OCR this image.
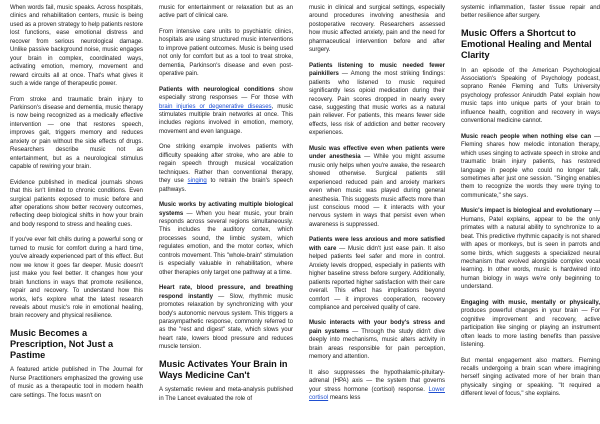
When words fail, music speaks. Across hospitals, clinics and rehabilitation centers, music is being used as a proven strategy to help patients restore lost functions, ease emotional distress and recover from serious neurological damage. Unlike passive background noise, music engages your brain in complex, coordinated ways, activating emotion, memory, movement and reward circuits all at once. That's what gives it such a wide range of therapeutic power.

From stroke and traumatic brain injury to Parkinson's disease and dementia, music therapy is now being recognized as a medically effective intervention — one that restores speech, improves gait, triggers memory and reduces anxiety or pain without the side effects of drugs. Researchers describe music not as entertainment, but as a neurological stimulus capable of rewiring your brain.

Evidence published in medical journals shows that this isn't limited to chronic conditions. Even surgical patients exposed to music before and after operations show better recovery outcomes, reflecting deep biological shifts in how your brain and body respond to stress and healing cues.

If you've ever felt chills during a powerful song or turned to music for comfort during a hard time, you've already experienced part of this effect. But now we know it goes far deeper. Music doesn't just make you feel better. It changes how your brain functions in ways that promote resilience, repair and recovery. To understand how this works, let's explore what the latest research reveals about music's role in emotional healing, brain recovery and physical resilience.

Music Becomes a Prescription, Not Just a Pastime

A featured article published in The Journal for Nurse Practitioners emphasized the growing use of music as a therapeutic tool in modern health care settings. The focus wasn't on

music for entertainment or relaxation but as an active part of clinical care.

From intensive care units to psychiatric clinics, hospitals are using structured music interventions to improve patient outcomes. Music is being used not only for comfort but as a tool to treat stroke, dementia, Parkinson's disease and even post-operative pain.

Patients with neurological conditions show especially strong responses — For those with brain injuries or degenerative diseases, music stimulates multiple brain networks at once. This includes regions involved in emotion, memory, movement and even language.

One striking example involves patients with difficulty speaking after stroke, who are able to regain speech through musical vocalization techniques. Rather than conventional therapy, they use singing to retrain the brain's speech pathways.

Music works by activating multiple biological systems — When you hear music, your brain responds across several regions simultaneously. This includes the auditory cortex, which processes sound, the limbic system, which regulates emotion, and the motor cortex, which controls movement. This "whole-brain" stimulation is especially valuable in rehabilitation, where other therapies only target one pathway at a time.

Heart rate, blood pressure, and breathing respond instantly — Slow, rhythmic music promotes relaxation by synchronizing with your body's autonomic nervous system. This triggers a parasympathetic response, commonly referred to as the "rest and digest" state, which slows your heart rate, lowers blood pressure and reduces muscle tension.

Music Activates Your Brain in Ways Medicine Can't

A systematic review and meta-analysis published in The Lancet evaluated the role of

music in clinical and surgical settings, especially around procedures involving anesthesia and postoperative recovery. Researchers assessed how music affected anxiety, pain and the need for pharmaceutical intervention before and after surgery.

Patients listening to music needed fewer painkillers — Among the most striking findings: patients who listened to music required significantly less opioid medication during their recovery. Pain scores dropped in nearly every case, suggesting that music works as a natural pain reliever. For patients, this means fewer side effects, less risk of addiction and better recovery experiences.

Music was effective even when patients were under anesthesia — While you might assume music only helps when you're awake, the research showed otherwise. Surgical patients still experienced reduced pain and anxiety markers even when music was played during general anesthesia. This suggests music affects more than just conscious mood — it interacts with your nervous system in ways that persist even when awareness is suppressed.

Patients were less anxious and more satisfied with care — Music didn't just ease pain. It also helped patients feel safer and more in control. Anxiety levels dropped, especially in patients with higher baseline stress before surgery. Additionally, patients reported higher satisfaction with their care overall. This effect has implications beyond comfort — it improves cooperation, recovery compliance and perceived quality of care.

Music interacts with your body's stress and pain systems — Through the study didn't dive deeply into mechanisms, music alters activity in brain areas responsible for pain perception, memory and attention.

It also suppresses the hypothalamic-pituitary-adrenal (HPA) axis — the system that governs your stress hormone (cortisol) response. Lower cortisol means less

systemic inflammation, faster tissue repair and better resilience after surgery.

Music Offers a Shortcut to Emotional Healing and Mental Clarity

In an episode of the American Psychological Association's Speaking of Psychology podcast, soprano Renée Fleming and Tufts University psychology professor Aniruddh Patel explain how music taps into unique parts of your brain to influence health, cognition and recovery in ways conventional medicine cannot.

Music reach people when nothing else can — Fleming shares how melodic intonation therapy, which uses singing to activate speech in stroke and traumatic brain injury patients, has restored language in people who could no longer talk, sometimes after just one session. "Singing enables them to recognize the words they were trying to communicate," she says.

Music's impact is biological and evolutionary — Humans, Patel explains, appear to be the only primates with a natural ability to synchronize to a beat. This predictive rhythmic capacity is not shared with apes or monkeys, but is seen in parrots and some birds, which suggests a specialized neural mechanism that evolved alongside complex vocal learning. In other words, music is hardwired into human biology in ways we're only beginning to understand.

Engaging with music, mentally or physically, produces powerful changes in your brain — For cognitive improvement and recovery, active participation like singing or playing an instrument often leads to more lasting benefits than passive listening.

But mental engagement also matters. Fleming recalls undergoing a brain scan where imagining herself singing activated more of her brain than physically singing or speaking. "It required a different level of focus," she explains.
